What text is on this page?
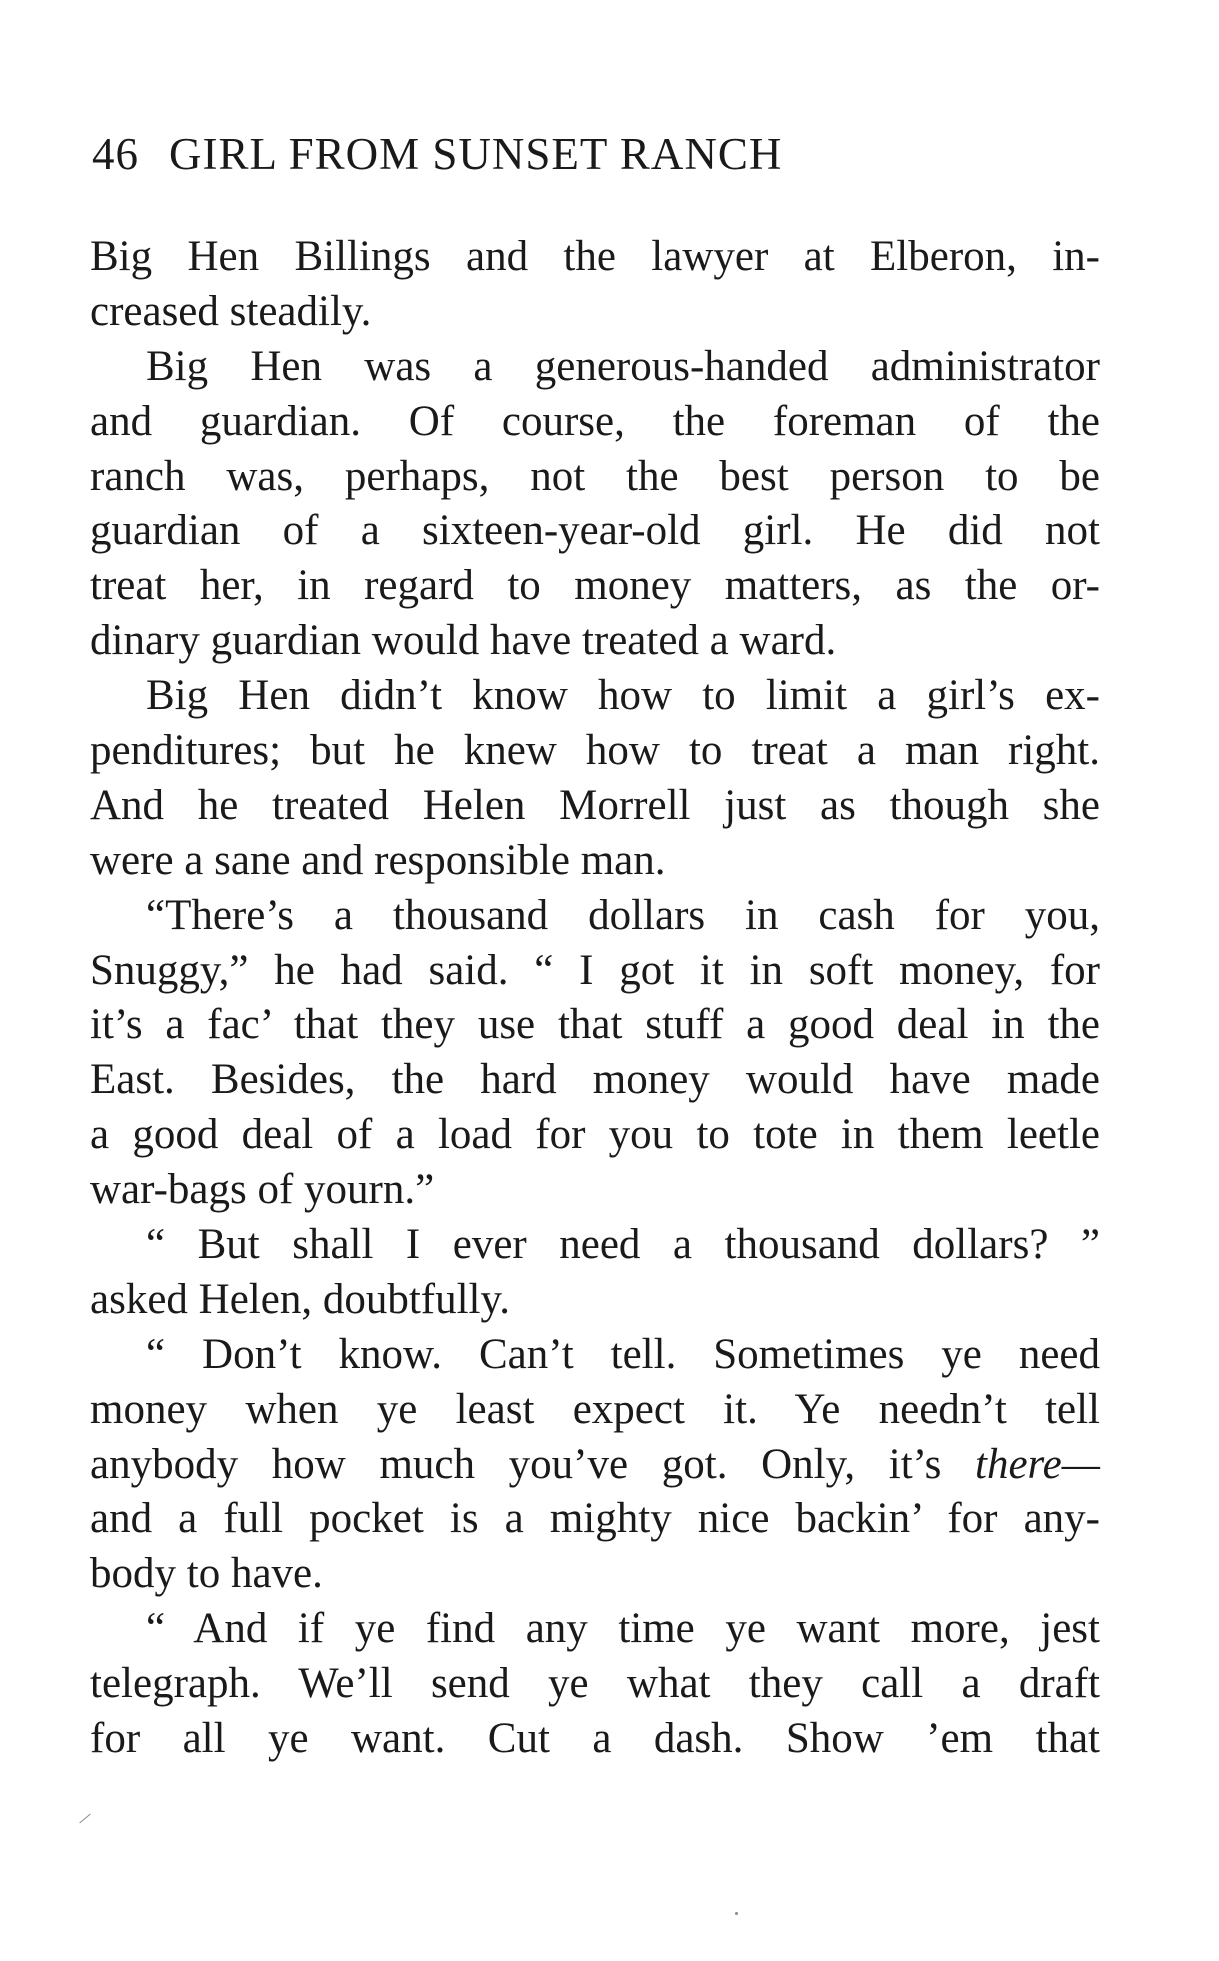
46 GIRL FROM SUNSET RANCH
Big Hen Billings and the lawyer at Elberon, in-
creased steadily.
Big Hen was a generous-handed administrator
and guardian. Of course, the foreman of the
ranch was, perhaps, not the best person to be
guardian of a sixteen-year-old girl. He did not
treat her, in regard to money matters, as the or-
dinary guardian would have treated a ward.
Big Hen didn’t know how to limit a girl’s ex-
penditures; but he knew how to treat a man right.
And he treated Helen Morrell just as though she
were a sane and responsible man.
“There’s a thousand dollars in cash for you,
Snuggy,” he had said. “ I got it in soft money, for
it’s a fac’ that they use that stuff a good deal in the
East. Besides, the hard money would have made
a good deal of a load for you to tote in them leetle
war-bags of yourn.”
“ But shall I ever need a thousand dollars? ”
asked Helen, doubtfully.
“ Don’t know. Can’t tell. Sometimes ye need
money when ye least expect it. Ye needn’t tell
anybody how much you’ve got. Only, it’s there—
and a full pocket is a mighty nice backin’ for any-
body to have.
“ And if ye find any time ye want more, jest
telegraph. We’ll send ye what they call a draft
for all ye want. Cut a dash. Show ’em that
